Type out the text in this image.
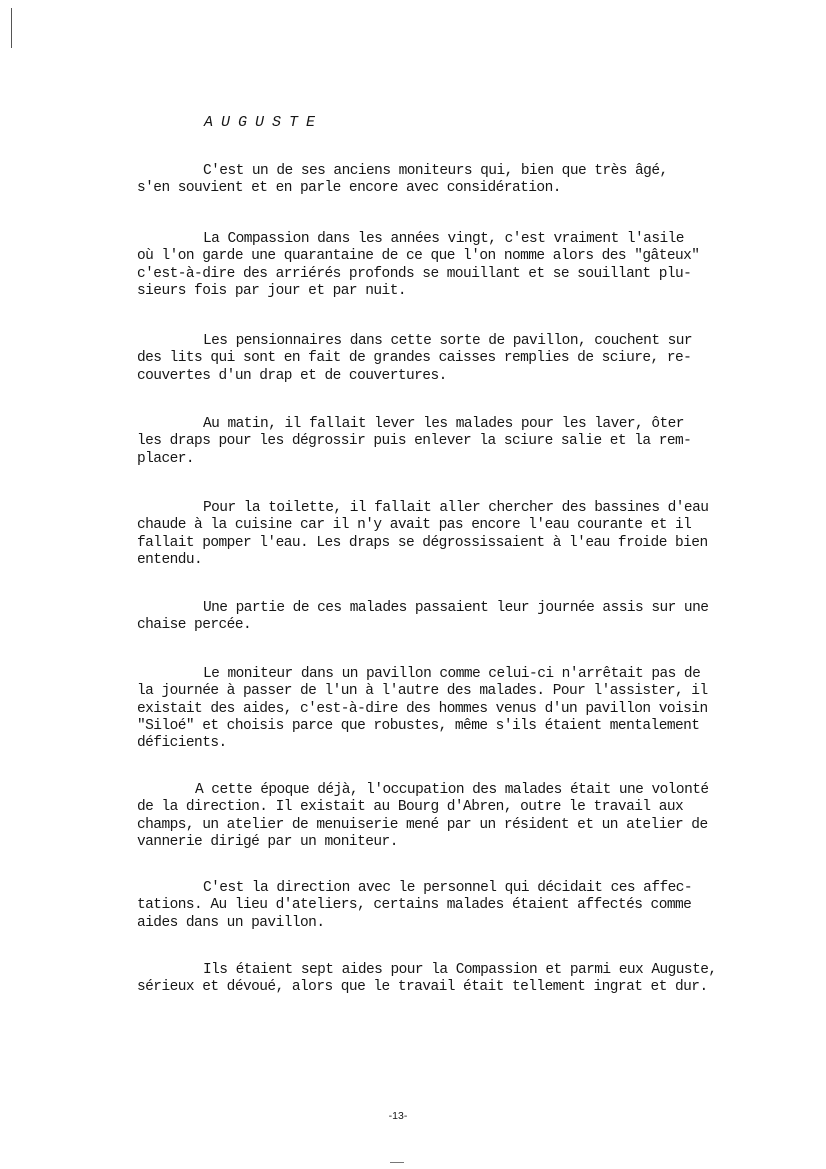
AUGUSTE

C'est un de ses anciens moniteurs qui, bien que très âgé,
s'en souvient et en parle encore avec considération.

La Compassion dans les années vingt, c'est vraiment l'asile
où l'on garde une quarantaine de ce que l'on nomme alors des "gâteux"
c'est-à-dire des arriérés profonds se mouillant et se souillant plu-
sieurs fois par jour et par nuit.

Les pensionnaires dans cette sorte de pavillon, couchent sur
des lits qui sont en fait de grandes caisses remplies de sciure, re-
couvertes d'un drap et de couvertures.

Au matin, il fallait lever les malades pour les laver, ôter
les draps pour les dégrossir puis enlever la sciure salie et la rem-
placer.

Pour la toilette, il fallait aller chercher des bassines d'eau
chaude à la cuisine car il n'y avait pas encore l'eau courante et il
fallait pomper l'eau. Les draps se dégrossissaient à l'eau froide bien
entendu.

Une partie de ces malades passaient leur journée assis sur une
chaise percée.

Le moniteur dans un pavillon comme celui-ci n'arrêtait pas de
la journée à passer de l'un à l'autre des malades. Pour l'assister, il
existait des aides, c'est-à-dire des hommes venus d'un pavillon voisin
"Siloé" et choisis parce que robustes, même s'ils étaient mentalement
déficients.

A cette époque déjà, l'occupation des malades était une volonté
de la direction. Il existait au Bourg d'Abren, outre le travail aux
champs, un atelier de menuiserie mené par un résident et un atelier de
vannerie dirigé par un moniteur.

C'est la direction avec le personnel qui décidait ces affec-
tations. Au lieu d'ateliers, certains malades étaient affectés comme
aides dans un pavillon.

Ils étaient sept aides pour la Compassion et parmi eux Auguste,
sérieux et dévoué, alors que le travail était tellement ingrat et dur.

-13-
